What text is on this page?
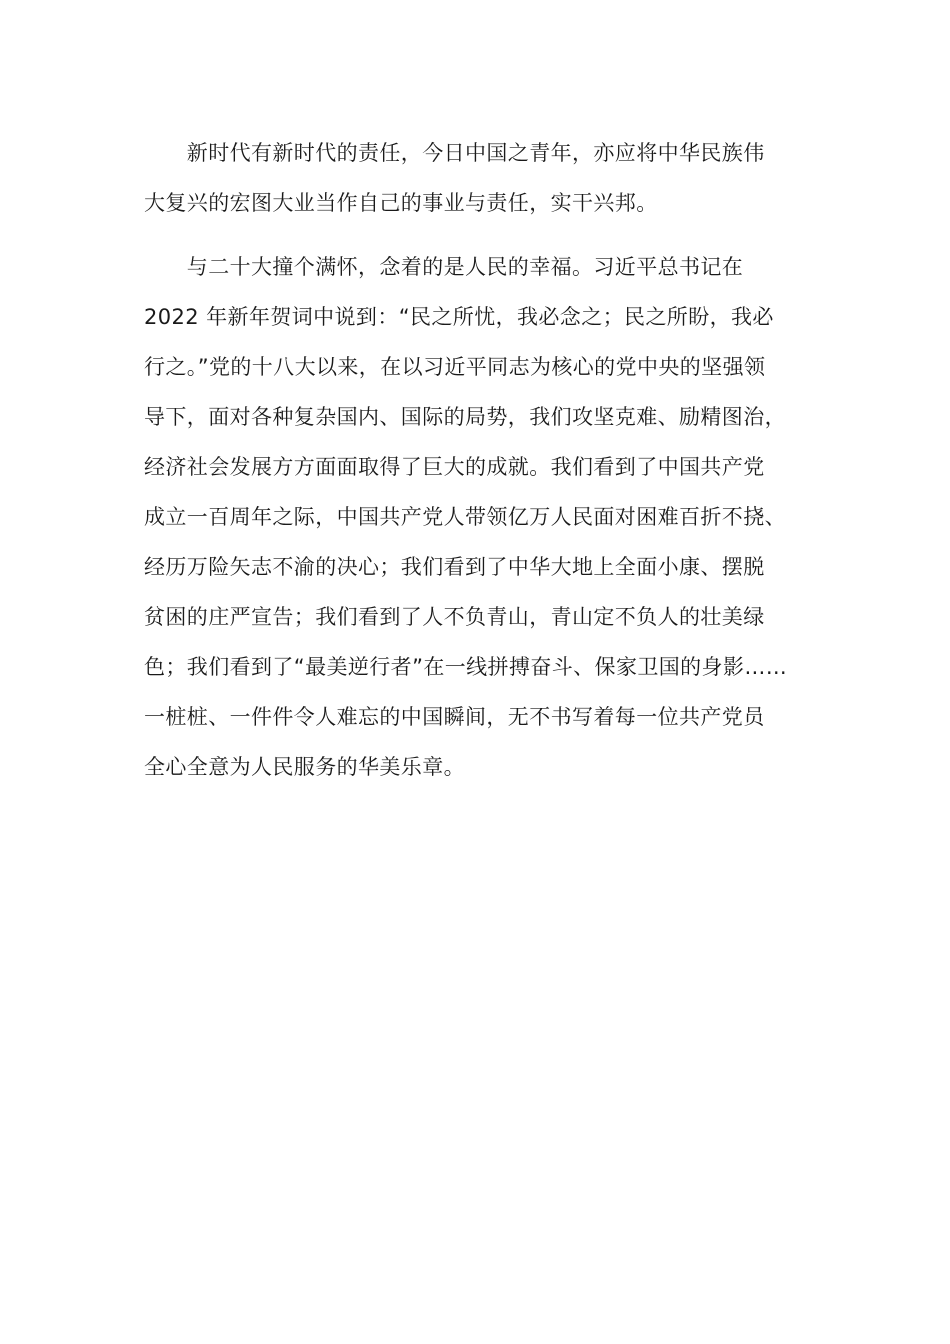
　　新时代有新时代的责任，今日中国之青年，亦应将中华民族伟
大复兴的宏图大业当作自己的事业与责任，实干兴邦。
　　与二十大撞个满怀，念着的是人民的幸福。习近平总书记在
2022 年新年贺词中说到：“民之所忧，我必念之；民之所盼，我必
行之。”党的十八大以来，在以习近平同志为核心的党中央的坚强领
导下，面对各种复杂国内、国际的局势，我们攻坚克难、励精图治，
经济社会发展方方面面取得了巨大的成就。我们看到了中国共产党
成立一百周年之际，中国共产党人带领亿万人民面对困难百折不挠、
经历万险矢志不渝的决心；我们看到了中华大地上全面小康、摆脱
贫困的庄严宣告；我们看到了人不负青山，青山定不负人的壮美绿
色；我们看到了“最美逆行者”在一线拼搏奋斗、保家卫国的身影……
一桩桩、一件件令人难忘的中国瞬间，无不书写着每一位共产党员
全心全意为人民服务的华美乐章。
